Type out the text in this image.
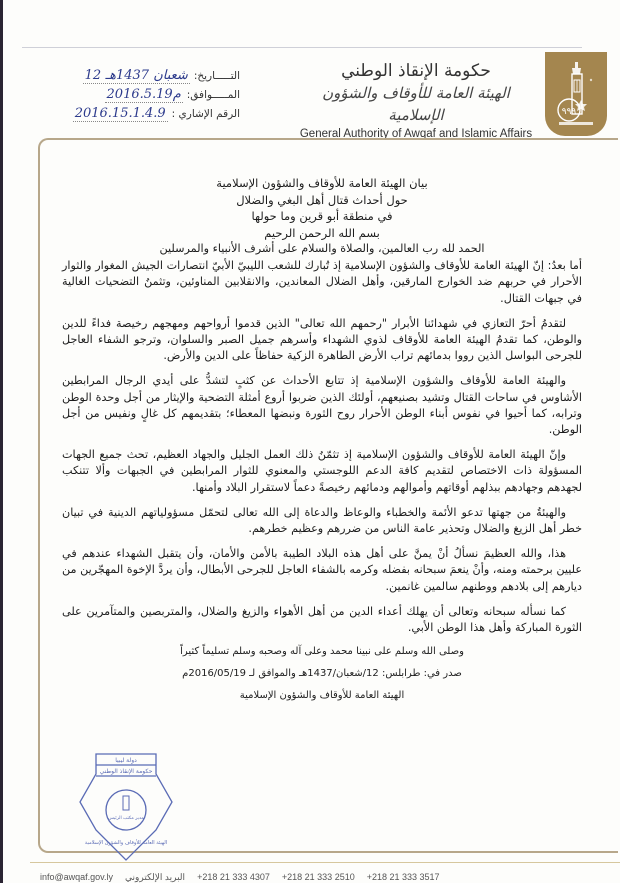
٩٩٩
حكومة الإنقاذ الوطني
الهيئة العامة للأوقاف والشؤون الإسلامية
General Authority of Awqaf and Islamic Affairs
التـــــاريخ:
12 شعبان 1437هـ
المـــــوافق:
2016.5.19م
الرقم الإشاري :
2016.15.1.4.9
بيان الهيئة العامة للأوقاف والشؤون الإسلامية
حول أحداث قتال أهل البغي والضلال
في منطقة أبو قرين وما حولها
بسم الله الرحمن الرحيم
الحمد لله رب العالمين، والصلاة والسلام على أشرف الأنبياء والمرسلين

أما بعدُ: إنّ الهيئة العامة للأوقاف والشؤون الإسلامية إذ تُبارك للشعب الليبيّ الأبيّ انتصارات الجيش المغوار والثوار الأحرار في حربهم ضد الخوارج المارقين، وأهل الضلال المعاندين، والانقلابين المناوئين، وتثمنُ التضحيات الغالية في جبهات القتال.

لتقدمُ أحرّ التعازي في شهدائنا الأبرار "رحمهم الله تعالى" الذين قدموا أرواحهم ومهجهم رخيصة فداءً للدين والوطن، كما تقدمُ الهيئة العامة للأوقاف لذوي الشهداء وأسرهم جميل الصبر والسلوان، وترجو الشفاء العاجل للجرحى البواسل الذين رووا بدمائهم تراب الأرض الطاهرة الزكية حفاظاً على الدين والأرض.

والهيئة العامة للأوقاف والشؤون الإسلامية إذ تتابع الأحداث عن كثبٍ لتشدُّ على أيدي الرجال المرابطين الأشاوس في ساحات القتال وتشيد بصنيعهم، أولئك الذين ضربوا أروع أمثلة التضحية والإيثار من أجل وحدة الوطن وترابه، كما أحيوا في نفوس أبناء الوطن الأحرار روح الثورة ونبضها المعطاء؛ بتقديمهم كل غالٍ ونفيس من أجل الوطن.

وإنّ الهيئة العامة للأوقاف والشؤون الإسلامية إذ تثمّنُ ذلك العمل الجليل والجهاد العظيم، تحث جميع الجهات المسؤولة ذات الاختصاص لتقديم كافة الدعم اللوجستي والمعنوي للثوار المرابطين في الجبهات وألا تتنكب لجهدهم وجهادهم ببذلهم أوقاتهم وأموالهم ودمائهم رخيصةً دعماً لاستقرار البلاد وأمنها.

والهيئةُ من جهتها تدعو الأئمة والخطباء والوعاظ والدعاة إلى الله تعالى لتحمّل مسؤولياتهم الدينية في تبيان خطر أهل الزيغ والضلال وتحذير عامة الناس من ضررهم وعظيم خطرهم.

هذا، والله العظيمَ نسألُ أنْ يمنَّ على أهل هذه البلاد الطيبة بالأمن والأمان، وأن يتقبل الشهداء عندهم في عليين برحمته ومنه، وأنْ ينعمَ سبحانه بفضله وكرمه بالشفاء العاجل للجرحى الأبطال، وأن يردَّ الإخوة المهجّرين من ديارهم إلى بلادهم ووطنهم سالمين غانمين.

كما نسأله سبحانه وتعالى أن يهلك أعداء الدين من أهل الأهواء والزيغ والضلال، والمتربصين والمتآمرين على الثورة المباركة وأهل هذا الوطن الأبي.

وصلى الله وسلم على نبينا محمد وعلى آله وصحبه وسلم تسليماً كثيراً
صدر في: طرابلس: 12/شعبان/1437هـ والموافق لـ 2016/05/19م
الهيئة العامة للأوقاف والشؤون الإسلامية
دولة ليبيا
حكومة الإنقاذ الوطني
مدير مكتب الرئيس
الهيئة العامة للأوقاف والشؤون الإسلامية
info@awqaf.gov.ly البريد الإلكتروني +218 21 333 4307 +218 21 333 2510 +218 21 333 3517
